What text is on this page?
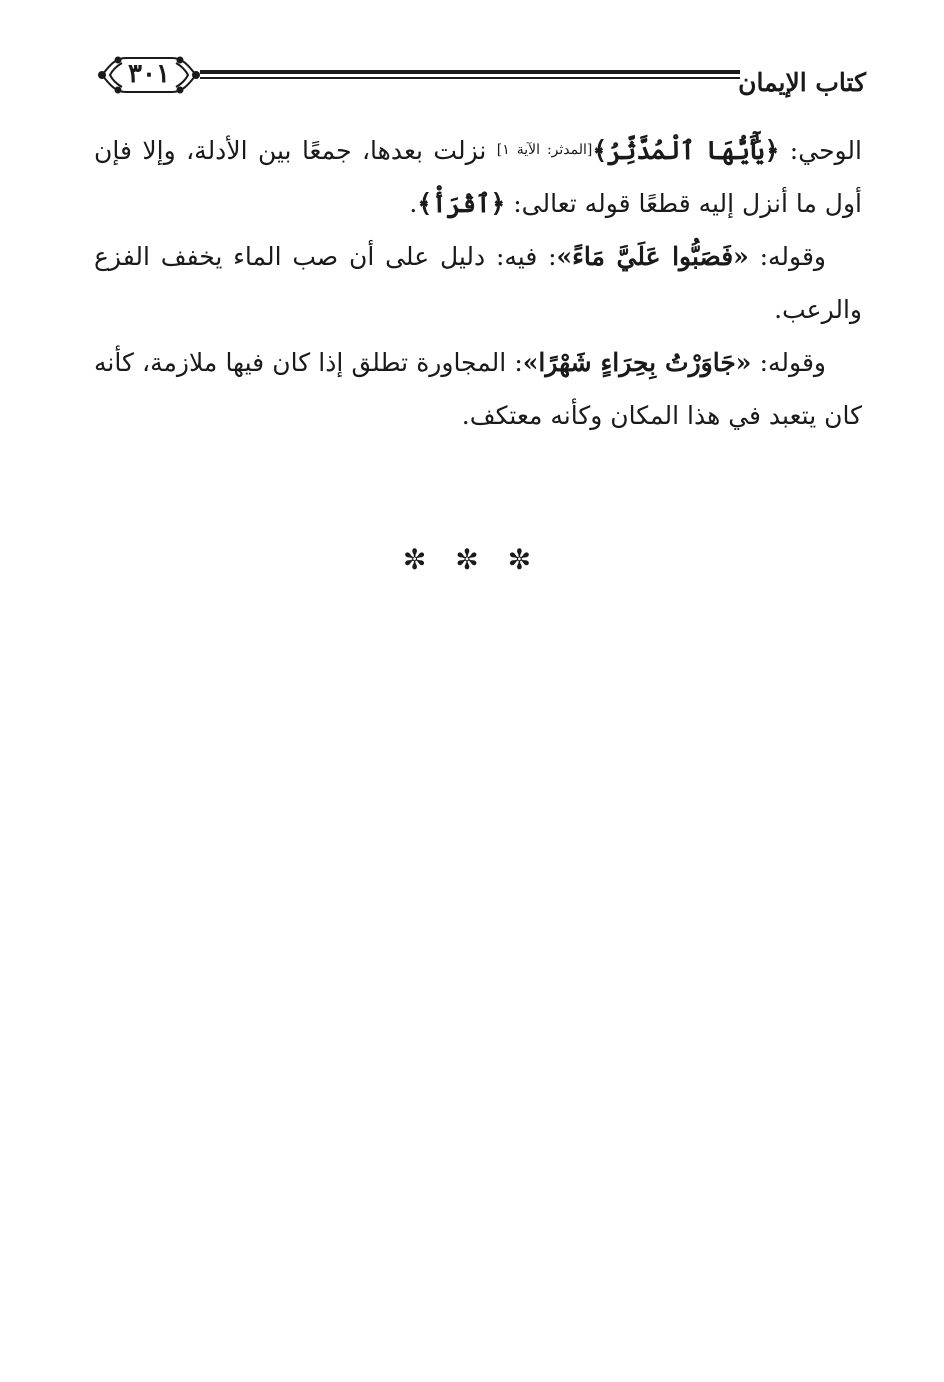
٣٠١	كتاب الإيمان

الوحي: ﴿يَٰٓأَيُّهَا ٱلْمُدَّثِّرُ﴾[المدثر: الآية ١] نزلت بعدها، جمعًا بين الأدلة، وإلا فإن أول ما أنزل إليه قطعًا قوله تعالى: ﴿ٱقْرَأْ﴾.

وقوله: «فَصَبُّوا عَلَيَّ مَاءً»: فيه: دليل على أن صب الماء يخفف الفزع والرعب.

وقوله: «جَاوَرْتُ بِحِرَاءٍ شَهْرًا»: المجاورة تطلق إذا كان فيها ملازمة، كأنه كان يتعبد في هذا المكان وكأنه معتكف.

✼ ✼ ✼
